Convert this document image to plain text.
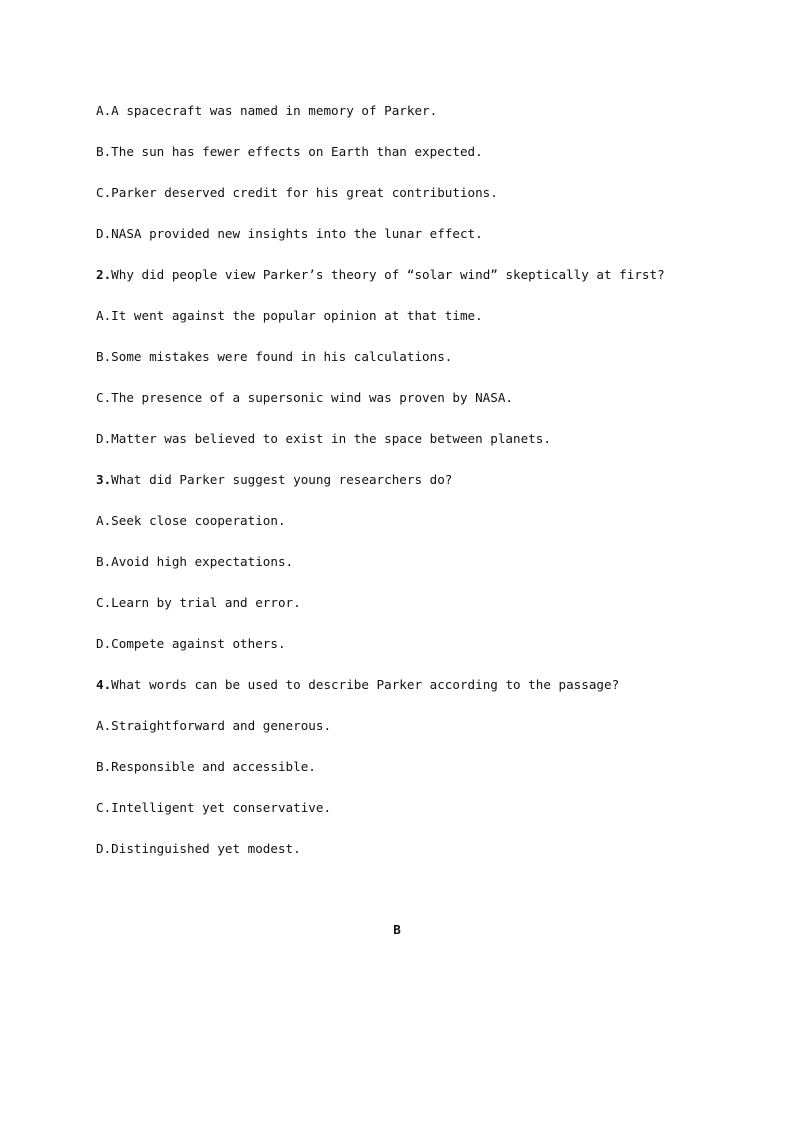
A.A spacecraft was named in memory of Parker.
B.The sun has fewer effects on Earth than expected.
C.Parker deserved credit for his great contributions.
D.NASA provided new insights into the lunar effect.
2.Why did people view Parker’s theory of “solar wind” skeptically at first?
A.It went against the popular opinion at that time.
B.Some mistakes were found in his calculations.
C.The presence of a supersonic wind was proven by NASA.
D.Matter was believed to exist in the space between planets.
3.What did Parker suggest young researchers do?
A.Seek close cooperation.
B.Avoid high expectations.
C.Learn by trial and error.
D.Compete against others.
4.What words can be used to describe Parker according to the passage?
A.Straightforward and generous.
B.Responsible and accessible.
C.Intelligent yet conservative.
D.Distinguished yet modest.
B
